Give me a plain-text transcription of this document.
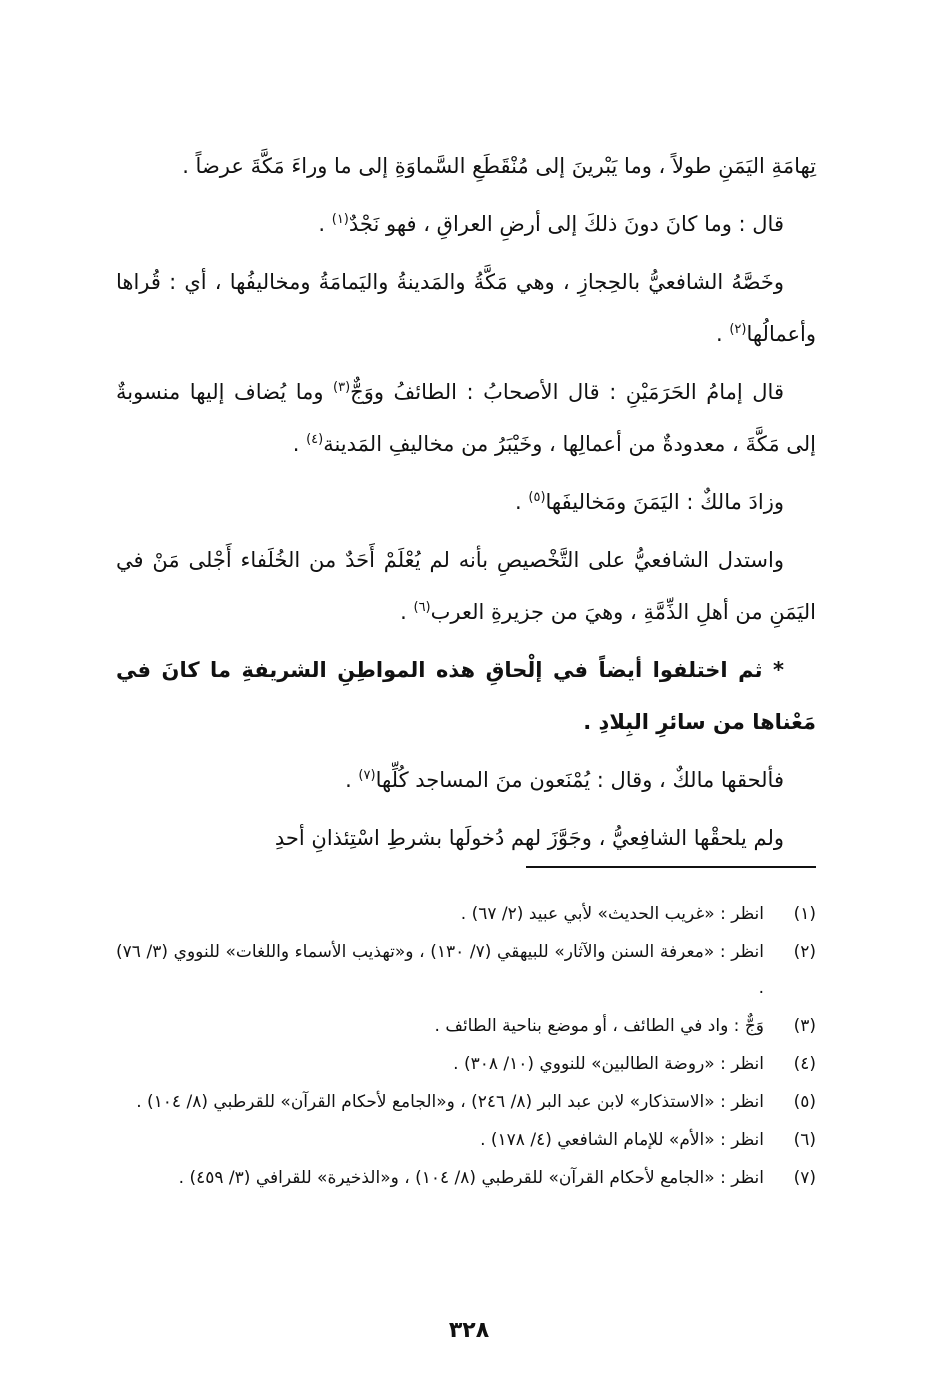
تِهامَةِ اليَمَنِ طولاً ، وما يَبْرينَ إلى مُنْقَطَعِ السَّماوَةِ إلى ما وراءَ مَكَّةَ عرضاً .

قال : وما كانَ دونَ ذلكَ إلى أرضِ العراقِ ، فهو نَجْدٌ$^{(١)}$ .

وخَصَّهُ الشافعيُّ بالحِجازِ ، وهي مَكَّةُ والمَدينةُ واليَمامَةُ ومخاليفُها ، أي : قُراها وأعمالُها$^{(٢)}$ .

قال إمامُ الحَرَمَيْنِ : قال الأصحابُ : الطائفُ ووَجٌّ$^{(٣)}$ وما يُضاف إليها منسوبةٌ إلى مَكَّةَ ، معدودةٌ من أعمالِها ، وخَيْبَرُ من مخاليفِ المَدينة$^{(٤)}$ .

وزادَ مالكٌ : اليَمَنَ ومَخاليفَها$^{(٥)}$ .

واستدل الشافعيُّ على التَّخْصيصِ بأنه لم يُعْلَمْ أَحَدٌ من الخُلَفاء أَجْلى مَنْ في اليَمَنِ من أهلِ الذِّمَّةِ ، وهيَ من جزيرةِ العرب$^{(٦)}$ .

* ثم اختلفوا أيضاً في إلْحاقِ هذه المواطِنِ الشريفةِ ما كانَ في مَعْناها من سائرِ البِلادِ .

فألحقها مالكٌ ، وقال : يُمْنَعون منَ المساجد كُلِّها$^{(٧)}$ .

ولم يلحقْها الشافِعيُّ ، وجَوَّزَ لهم دُخولَها بشرطِ اسْتِئذانِ أحدِ

(١)
انظر : «غريب الحديث» لأبي عبيد (٢/ ٦٧) .
(٢)
انظر : «معرفة السنن والآثار» للبيهقي (٧/ ١٣٠) ، و«تهذيب الأسماء واللغات» للنووي (٣/ ٧٦) .
(٣)
وَجٌّ : واد في الطائف ، أو موضع بناحية الطائف .
(٤)
انظر : «روضة الطالبين» للنووي (١٠/ ٣٠٨) .
(٥)
انظر : «الاستذكار» لابن عبد البر (٨/ ٢٤٦) ، و«الجامع لأحكام القرآن» للقرطبي (٨/ ١٠٤) .
(٦)
انظر : «الأم» للإمام الشافعي (٤/ ١٧٨) .
(٧)
انظر : «الجامع لأحكام القرآن» للقرطبي (٨/ ١٠٤) ، و«الذخيرة» للقرافي (٣/ ٤٥٩) .
٣٢٨
